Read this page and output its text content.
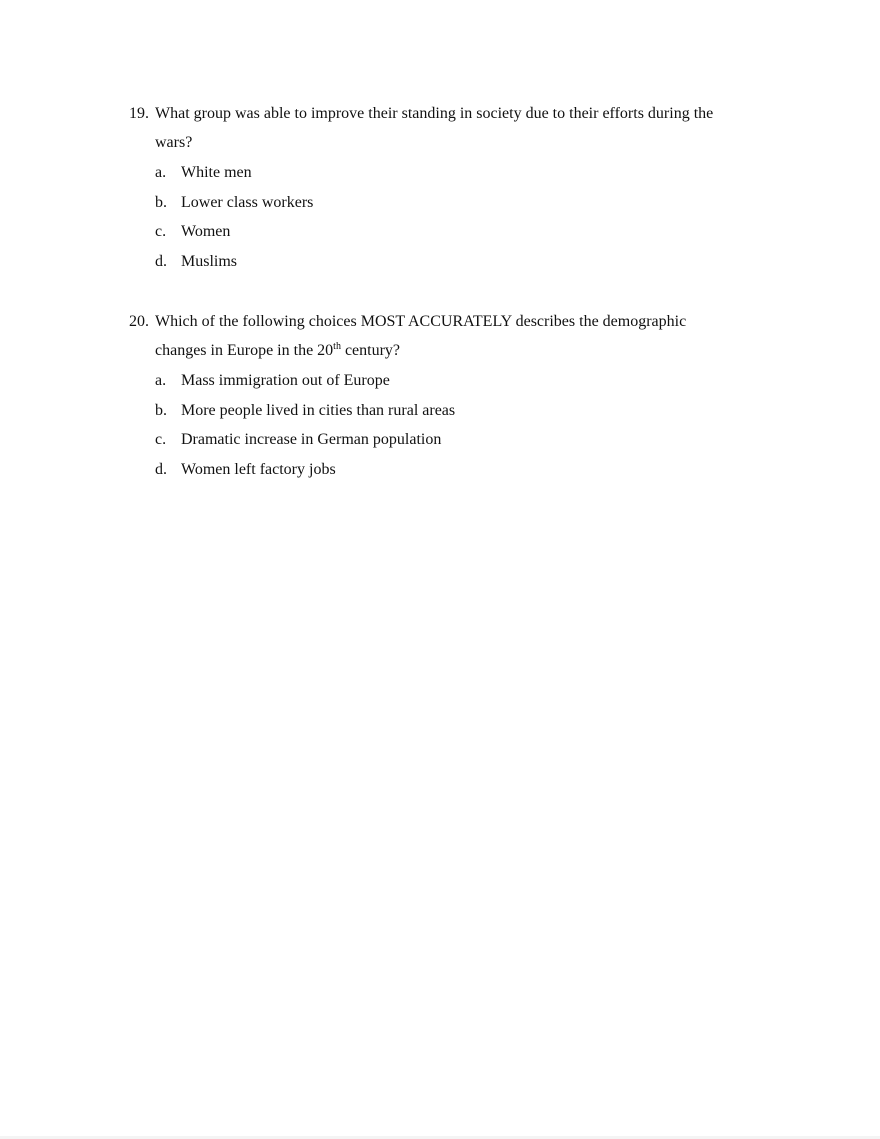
19. What group was able to improve their standing in society due to their efforts during the
wars?
a. White men
b. Lower class workers
c. Women
d. Muslims
20. Which of the following choices MOST ACCURATELY describes the demographic
changes in Europe in the 20th century?
a. Mass immigration out of Europe
b. More people lived in cities than rural areas
c. Dramatic increase in German population
d. Women left factory jobs
